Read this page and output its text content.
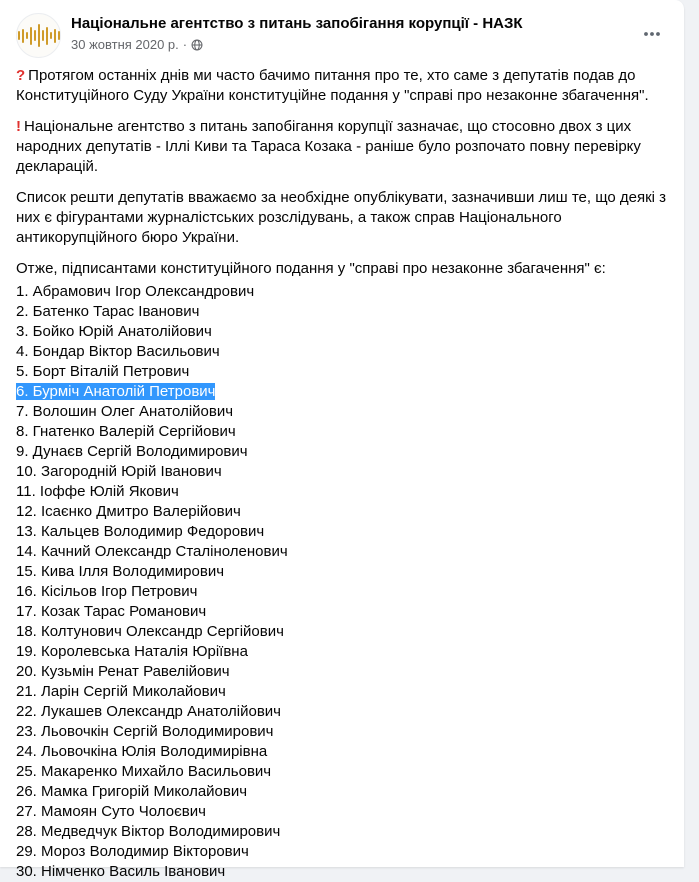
Національне агентство з питань запобігання корупції - НАЗК
30 жовтня 2020 р. ·

? Протягом останніх днів ми часто бачимо питання про те, хто саме з депутатів подав до Конституційного Суду України конституційне подання у "справі про незаконне збагачення".

! Національне агентство з питань запобігання корупції зазначає, що стосовно двох з цих народних депутатів - Іллі Киви та Тараса Козака - раніше було розпочато повну перевірку декларацій.

Список решти депутатів вважаємо за необхідне опублікувати, зазначивши лиш те, що деякі з них є фігурантами журналістських розслідувань, а також справ Національного антикорупційного бюро України.

Отже, підписантами конституційного подання у "справі про незаконне збагачення" є:

1. Абрамович Ігор Олександрович
2. Батенко Тарас Іванович
3. Бойко Юрій Анатолійович
4. Бондар Віктор Васильович
5. Борт Віталій Петрович
6. Бурміч Анатолій Петрович
7. Волошин Олег Анатолійович
8. Гнатенко Валерій Сергійович
9. Дунаєв Сергій Володимирович
10. Загородній Юрій Іванович
11. Іоффе Юлій Якович
12. Ісаєнко Дмитро Валерійович
13. Кальцев Володимир Федорович
14. Качний Олександр Сталіноленович
15. Кива Ілля Володимирович
16. Кісільов Ігор Петрович
17. Козак Тарас Романович
18. Колтунович Олександр Сергійович
19. Королевська Наталія Юріївна
20. Кузьмін Ренат Равелійович
21. Ларін Сергій Миколайович
22. Лукашев Олександр Анатолійович
23. Льовочкін Сергій Володимирович
24. Льовочкіна Юлія Володимирівна
25. Макаренко Михайло Васильович
26. Мамка Григорій Миколайович
27. Мамоян Суто Чолоєвич
28. Медведчук Віктор Володимирович
29. Мороз Володимир Вікторович
30. Німченко Василь Іванович
